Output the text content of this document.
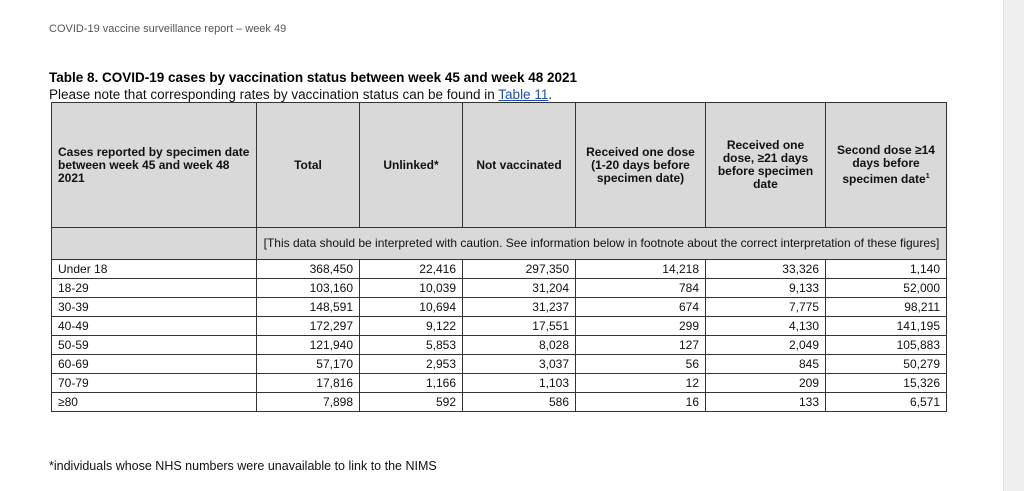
COVID-19 vaccine surveillance report – week 49
Table 8. COVID-19 cases by vaccination status between week 45 and week 48 2021
Please note that corresponding rates by vaccination status can be found in Table 11.
Cases reported by specimen date between week 45 and week 48 2021	Total	Unlinked*	Not vaccinated	Received one dose (1-20 days before specimen date)	Received one dose, ≥21 days before specimen date	Second dose ≥14 days before specimen date$^1$
	[This data should be interpreted with caution. See information below in footnote about the correct interpretation of these figures]					
Under 18	368,450	22,416	297,350	14,218	33,326	1,140
18-29	103,160	10,039	31,204	784	9,133	52,000
30-39	148,591	10,694	31,237	674	7,775	98,211
40-49	172,297	9,122	17,551	299	4,130	141,195
50-59	121,940	5,853	8,028	127	2,049	105,883
60-69	57,170	2,953	3,037	56	845	50,279
70-79	17,816	1,166	1,103	12	209	15,326
≥80	7,898	592	586	16	133	6,571
*individuals whose NHS numbers were unavailable to link to the NIMS
